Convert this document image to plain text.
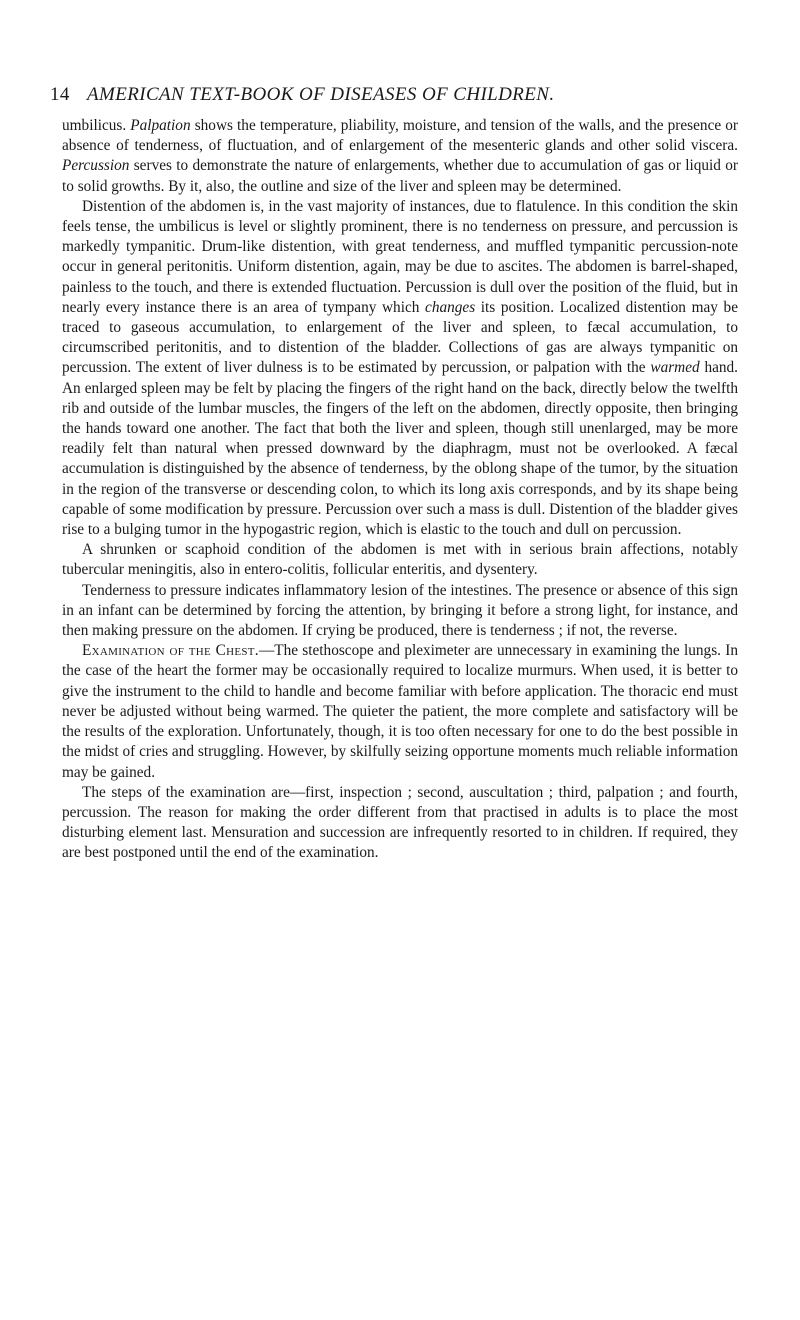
14 AMERICAN TEXT-BOOK OF DISEASES OF CHILDREN.

umbilicus. Palpation shows the temperature, pliability, moisture, and tension of the walls, and the presence or absence of tenderness, of fluctuation, and of enlargement of the mesenteric glands and other solid viscera. Percussion serves to demonstrate the nature of enlargements, whether due to accumulation of gas or liquid or to solid growths. By it, also, the outline and size of the liver and spleen may be determined.

Distention of the abdomen is, in the vast majority of instances, due to flatulence. In this condition the skin feels tense, the umbilicus is level or slightly prominent, there is no tenderness on pressure, and percussion is markedly tympanitic. Drum-like distention, with great tenderness, and muffled tympanitic percussion-note occur in general peritonitis. Uniform distention, again, may be due to ascites. The abdomen is barrel-shaped, painless to the touch, and there is extended fluctuation. Percussion is dull over the position of the fluid, but in nearly every instance there is an area of tympany which changes its position. Localized distention may be traced to gaseous accumulation, to enlargement of the liver and spleen, to fæcal accumulation, to circumscribed peritonitis, and to distention of the bladder. Collections of gas are always tympanitic on percussion. The extent of liver dulness is to be estimated by percussion, or palpation with the warmed hand. An enlarged spleen may be felt by placing the fingers of the right hand on the back, directly below the twelfth rib and outside of the lumbar muscles, the fingers of the left on the abdomen, directly opposite, then bringing the hands toward one another. The fact that both the liver and spleen, though still unenlarged, may be more readily felt than natural when pressed downward by the diaphragm, must not be overlooked. A fæcal accumulation is distinguished by the absence of tenderness, by the oblong shape of the tumor, by the situation in the region of the transverse or descending colon, to which its long axis corresponds, and by its shape being capable of some modification by pressure. Percussion over such a mass is dull. Distention of the bladder gives rise to a bulging tumor in the hypogastric region, which is elastic to the touch and dull on percussion.

A shrunken or scaphoid condition of the abdomen is met with in serious brain affections, notably tubercular meningitis, also in entero-colitis, follicular enteritis, and dysentery.

Tenderness to pressure indicates inflammatory lesion of the intestines. The presence or absence of this sign in an infant can be determined by forcing the attention, by bringing it before a strong light, for instance, and then making pressure on the abdomen. If crying be produced, there is tenderness ; if not, the reverse.

Examination of the Chest.—The stethoscope and pleximeter are unnecessary in examining the lungs. In the case of the heart the former may be occasionally required to localize murmurs. When used, it is better to give the instrument to the child to handle and become familiar with before application. The thoracic end must never be adjusted without being warmed. The quieter the patient, the more complete and satisfactory will be the results of the exploration. Unfortunately, though, it is too often necessary for one to do the best possible in the midst of cries and struggling. However, by skilfully seizing opportune moments much reliable information may be gained.

The steps of the examination are—first, inspection ; second, auscultation ; third, palpation ; and fourth, percussion. The reason for making the order different from that practised in adults is to place the most disturbing element last. Mensuration and succession are infrequently resorted to in children. If required, they are best postponed until the end of the examination.
